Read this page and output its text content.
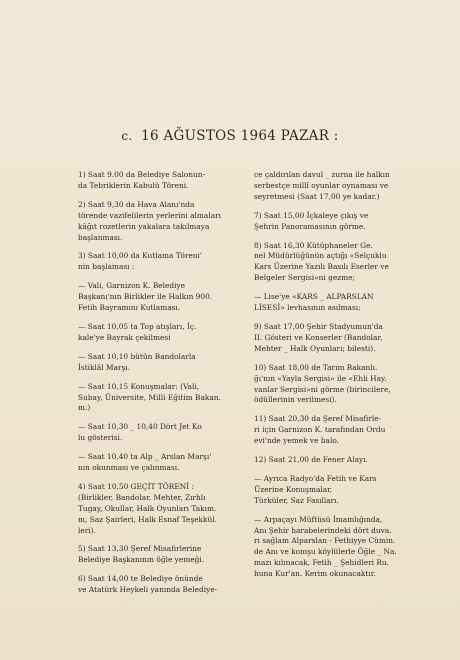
c. 16 AĞUSTOS 1964 PAZAR :
1) Saat 9.00 da Belediye Salonun-
da Tebriklerin Kabulü Töreni.
2) Saat 9,30 da Hava Alanı'nda
törende vazifelilerin yerlerini almaları
kâğıt rozetlerin yakalara takılmaya
başlanması.
3) Saat 10,00 da Kutlama Töreni'
nin başlaması :
— Vali, Garnizon K. Belediye
Başkanı'nın Birlikler ile Halkın 900.
Fetih Bayramını Kutlaması.
— Saat 10,05 ta Top atışları, İç.
kale'ye Bayrak çekilmesi
— Saat 10,10 bütün Bandolarla
İstiklâl Marşı.
— Saat 10,15 Konuşmalar: (Vali,
Subay, Üniversite, Milli Eğitim Bakan.
m.)
— Saat 10,30 _ 10,40 Dört Jet Ko
lu gösterisi.
— Saat 10,40 ta Alp _ Arslan Marşı'
nın okunması ve çalınması.
4) Saat 10,50 GEÇİT TÖRENİ :
(Birlikler, Bandolar, Mehter, Zırhlı
Tugay, Okullar, Halk Oyunları Takım.
m, Saz Şairleri, Halk Esnaf Teşekkül.
leri).
5) Saat 13,30 Şeref Misafirlerine
Belediye Başkanının öğle yemeği.
6) Saat 14,00 te Belediye önünde
ve Atatürk Heykeli yanında Belediye-
ce çaldırılan davul _ zurna ile halkın
serbestçe millî oyunlar oynaması ve
seyretmesi (Saat 17,00 ye kadar.)
7) Saat 15,00 İçkaleye çıkış ve
Şehrin Panoramasının görme.
8) Saat 16,30 Kütüphaneler Ge.
nel Müdürlüğünün açtığı «Selçuklu
Kars Üzerine Yazılı Basılı Eserler ve
Belgeler Sergisi»ni gezme;
— Lise'ye «KARS _ ALPARSLAN
LİSESİ» levhasının asılması;
9) Saat 17,00 Şehir Stadyumun'da
II. Gösteri ve Konserler (Bandolar,
Mehter _ Halk Oyunları; bilesti).
10) Saat 18,00 de Tarım Bakanlı.
ğı'nın «Yayla Sergisi» ile «Ehli Hay.
vanlar Sergisi»ni görme (birincilere,
ödüllerinin verilmesi).
11) Saat 20,30 da Şeref Misafirle-
ri için Garnizon K. tarafından Ordu
evi'nde yemek ve balo.
12) Saat 21,00 de Fener Alayı.
— Ayrıca Radyo'da Fetih ve Kars
Üzerine Konuşmalar,
Türküler, Saz Fasılları.
— Arpaçayı Müftüsü İmamlığında,
Anı Şehir harabelerindeki dört duva.
rı sağlam Alparslan - Fethiyye Cümin.
de Anı ve komşu köylülerle Öğle _ Na.
mazı kılınacak, Fetih _ Şehidleri Ru.
huna Kur'an. Kerim okunacaktır.
